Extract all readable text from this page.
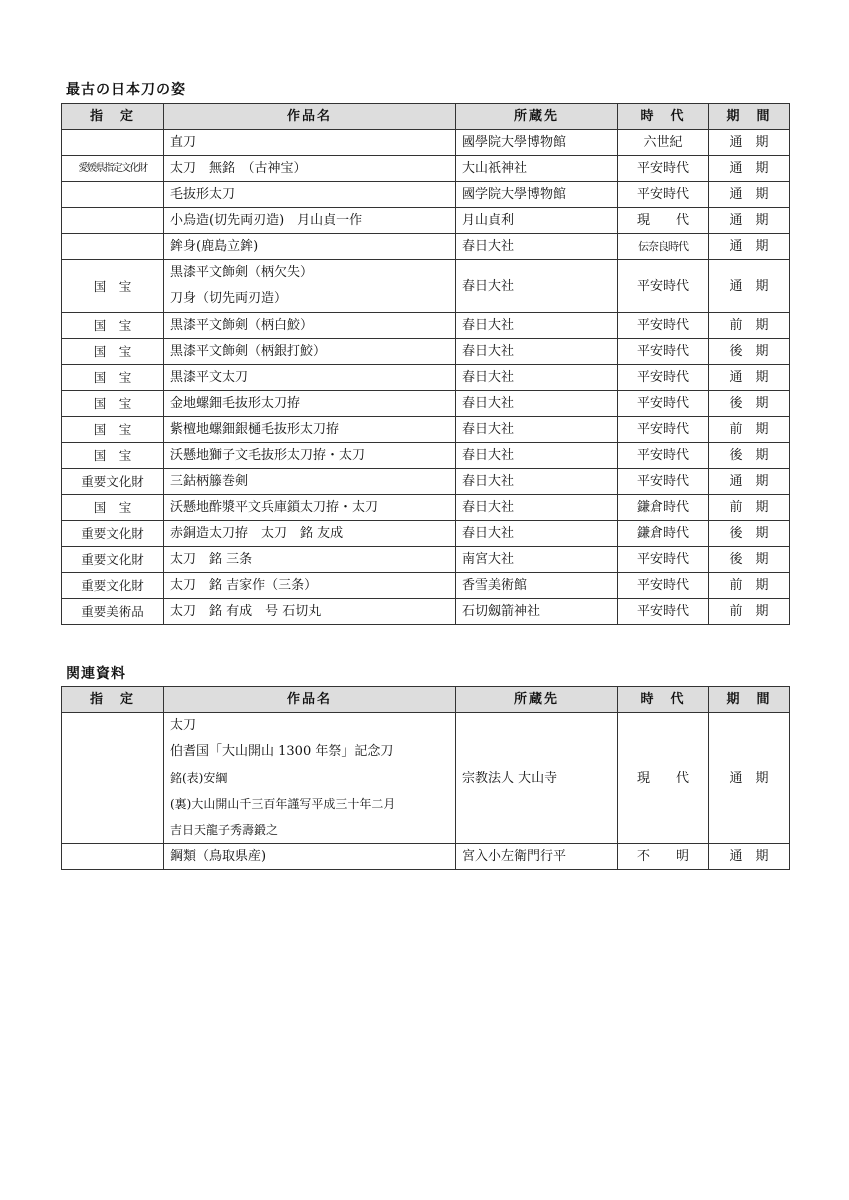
最古の日本刀の姿
指　定	作品名	所蔵先	時　代	期　間
	直刀	國學院大學博物館	六世紀	通　期
愛媛県指定文化財	太刀　無銘　（古神宝）	大山祇神社	平安時代	通　期
	毛抜形太刀	國学院大學博物館	平安時代	通　期
	小烏造(切先両刃造)　月山貞一作	月山貞利	現　　代	通　期
	鉾身(鹿島立鉾)	春日大社	伝奈良時代	通　期
国　宝	黒漆平文飾剣（柄欠失）
刀身（切先両刃造）	春日大社	平安時代	通　期
国　宝	黒漆平文飾剣（柄白鮫）	春日大社	平安時代	前　期
国　宝	黒漆平文飾剣（柄銀打鮫）	春日大社	平安時代	後　期
国　宝	黒漆平文太刀	春日大社	平安時代	通　期
国　宝	金地螺鈿毛抜形太刀拵	春日大社	平安時代	後　期
国　宝	紫檀地螺鈿銀樋毛抜形太刀拵	春日大社	平安時代	前　期
国　宝	沃懸地獅子文毛抜形太刀拵・太刀	春日大社	平安時代	後　期
重要文化財	三鈷柄籐巻剣	春日大社	平安時代	通　期
国　宝	沃懸地酢漿平文兵庫鎖太刀拵・太刀	春日大社	鎌倉時代	前　期
重要文化財	赤銅造太刀拵　太刀　銘 友成	春日大社	鎌倉時代	後　期
重要文化財	太刀　銘 三条	南宮大社	平安時代	後　期
重要文化財	太刀　銘 吉家作（三条）	香雪美術館	平安時代	前　期
重要美術品	太刀　銘 有成　号 石切丸	石切劔箭神社	平安時代	前　期
関連資料
指　定	作品名	所蔵先	時　代	期　間

	太刀
伯耆国「大山開山 1300 年祭」記念刀
銘(表)安綱
(裏)大山開山千三百年謹写平成三十年二月
吉日天龍子秀壽鍛之	宗教法人 大山寺	現　　代	通　期
	鋼類（鳥取県産)	宮入小左衛門行平	不　　明	通　期
